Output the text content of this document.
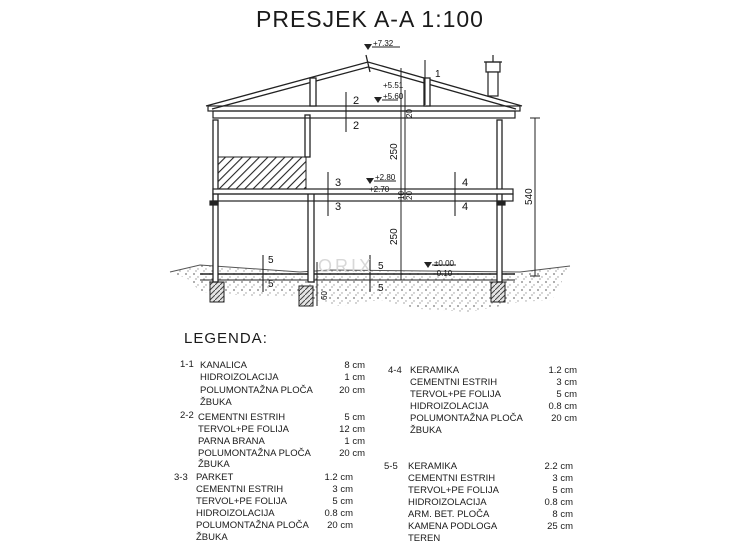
+7.32
+5.60
+5.51
+2.80
+2.70
±0.00
-0.10
250
250
540
20
20
10
60
1
2
2
3
3
4
4
5
5
5
5
ORIX
PRESJEK A-A 1:100
LEGENDA:
1-1 KANALICA	8 cm
HIDROIZOLACIJA	1 cm
POLUMONTAŽNA PLOČA	20 cm
ŽBUKA
2-2 CEMENTNI ESTRIH	5 cm
TERVOL+PE FOLIJA	12 cm
PARNA BRANA	1 cm
POLUMONTAŽNA PLOČA	20 cm
ŽBUKA
3-3 PARKET	1.2 cm
CEMENTNI ESTRIH	3 cm
TERVOL+PE FOLIJA	5 cm
HIDROIZOLACIJA	0.8 cm
POLUMONTAŽNA PLOČA	20 cm
ŽBUKA
4-4 KERAMIKA	1.2 cm
CEMENTNI ESTRIH	3 cm
TERVOL+PE FOLIJA	5 cm
HIDROIZOLACIJA	0.8 cm
POLUMONTAŽNA PLOČA	20 cm
ŽBUKA
5-5 KERAMIKA	2.2 cm
CEMENTNI ESTRIH	3 cm
TERVOL+PE FOLIJA	5 cm
HIDROIZOLACIJA	0.8 cm
ARM. BET. PLOČA	8 cm
KAMENA PODLOGA	25 cm
TEREN
